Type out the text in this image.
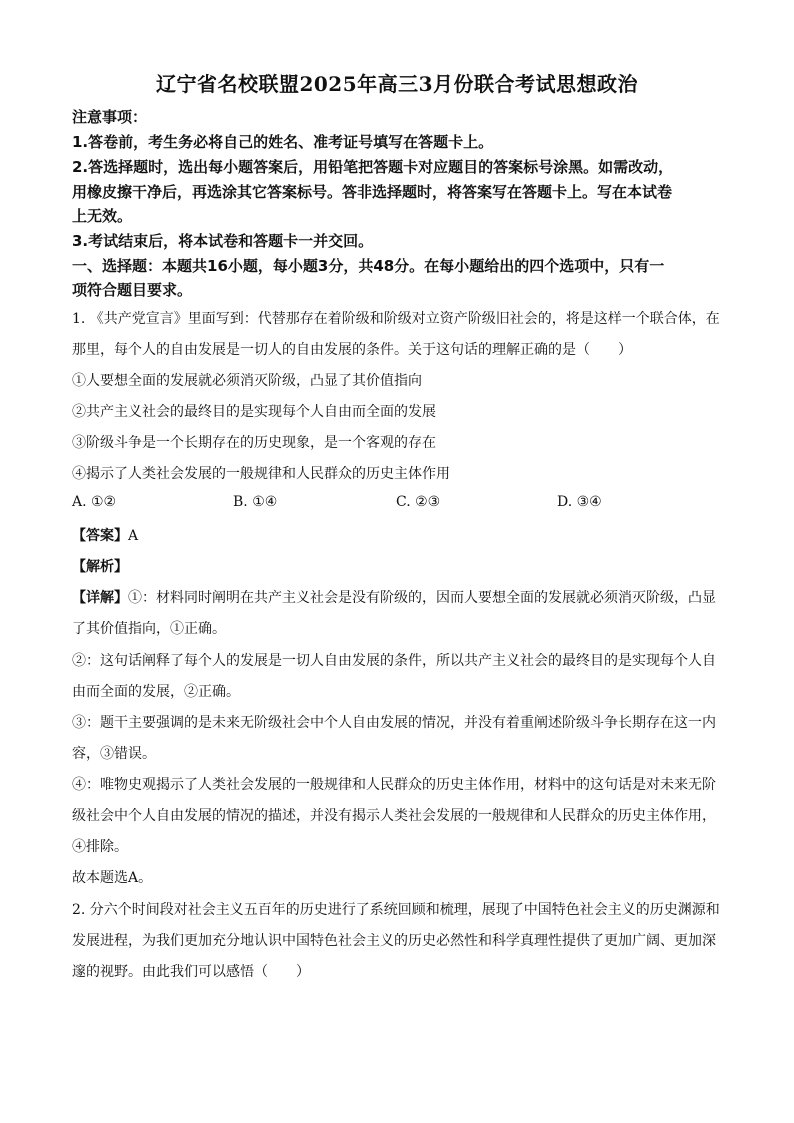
辽宁省名校联盟2025年高三3月份联合考试思想政治
注意事项：
1.答卷前，考生务必将自己的姓名、准考证号填写在答题卡上。
2.答选择题时，选出每小题答案后，用铅笔把答题卡对应题目的答案标号涂黑。如需改动，
用橡皮擦干净后，再选涂其它答案标号。答非选择题时，将答案写在答题卡上。写在本试卷
上无效。
3.考试结束后，将本试卷和答题卡一并交回。
一、选择题：本题共16小题，每小题3分，共48分。在每小题给出的四个选项中，只有一
项符合题目要求。
1. 《共产党宣言》里面写到：代替那存在着阶级和阶级对立资产阶级旧社会的，将是这样一个联合体，在
那里，每个人的自由发展是一切人的自由发展的条件。关于这句话的理解正确的是（　　）
①人要想全面的发展就必须消灭阶级，凸显了其价值指向
②共产主义社会的最终目的是实现每个人自由而全面的发展
③阶级斗争是一个长期存在的历史现象，是一个客观的存在
④揭示了人类社会发展的一般规律和人民群众的历史主体作用
A. ①②	B. ①④	C. ②③	D. ③④
【答案】A
【解析】
【详解】①：材料同时阐明在共产主义社会是没有阶级的，因而人要想全面的发展就必须消灭阶级，凸显
了其价值指向，①正确。
②：这句话阐释了每个人的发展是一切人自由发展的条件，所以共产主义社会的最终目的是实现每个人自
由而全面的发展，②正确。
③：题干主要强调的是未来无阶级社会中个人自由发展的情况，并没有着重阐述阶级斗争长期存在这一内
容，③错误。
④：唯物史观揭示了人类社会发展的一般规律和人民群众的历史主体作用，材料中的这句话是对未来无阶
级社会中个人自由发展的情况的描述，并没有揭示人类社会发展的一般规律和人民群众的历史主体作用，
④排除。
故本题选A。
2. 分六个时间段对社会主义五百年的历史进行了系统回顾和梳理，展现了中国特色社会主义的历史渊源和
发展进程，为我们更加充分地认识中国特色社会主义的历史必然性和科学真理性提供了更加广阔、更加深
邃的视野。由此我们可以感悟（　　）
